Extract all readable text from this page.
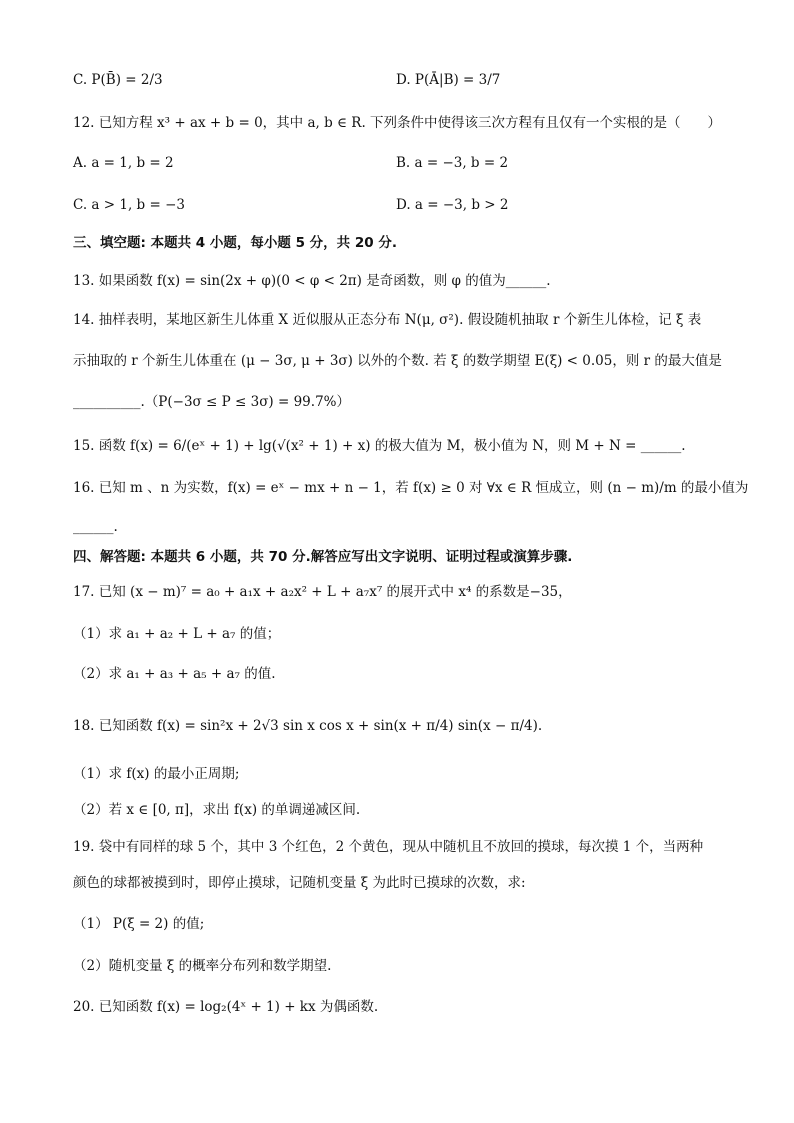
C. P(B̄) = 2/3	D. P(Ā|B) = 3/7
12. 已知方程 x³ + ax + b = 0，其中 a, b ∈ R. 下列条件中使得该三次方程有且仅有一个实根的是（　　）
A. a = 1, b = 2	B. a = −3, b = 2
C. a > 1, b = −3	D. a = −3, b > 2
三、填空题: 本题共 4 小题，每小题 5 分，共 20 分.
13. 如果函数 f(x) = sin(2x + φ)(0 < φ < 2π) 是奇函数，则 φ 的值为______.
14. 抽样表明，某地区新生儿体重 X 近似服从正态分布 N(μ, σ²). 假设随机抽取 r 个新生儿体检，记 ξ 表
示抽取的 r 个新生儿体重在 (μ − 3σ, μ + 3σ) 以外的个数. 若 ξ 的数学期望 E(ξ) < 0.05，则 r 的最大值是
__________.（P(−3σ ≤ P ≤ 3σ) = 99.7%）
15. 函数 f(x) = 6/(eˣ + 1) + lg(√(x² + 1) + x) 的极大值为 M，极小值为 N，则 M + N = ______.
16. 已知 m 、n 为实数，f(x) = eˣ − mx + n − 1，若 f(x) ≥ 0 对 ∀x ∈ R 恒成立，则 (n − m)/m 的最小值为
______.
四、解答题: 本题共 6 小题，共 70 分.解答应写出文字说明、证明过程或演算步骤.
17. 已知 (x − m)⁷ = a₀ + a₁x + a₂x² + L + a₇x⁷ 的展开式中 x⁴ 的系数是−35，
（1）求 a₁ + a₂ + L + a₇ 的值；
（2）求 a₁ + a₃ + a₅ + a₇ 的值.
18. 已知函数 f(x) = sin²x + 2√3 sin x cos x + sin(x + π/4) sin(x − π/4).
（1）求 f(x) 的最小正周期;
（2）若 x ∈ [0, π]，求出 f(x) 的单调递减区间.
19. 袋中有同样的球 5 个，其中 3 个红色，2 个黄色，现从中随机且不放回的摸球，每次摸 1 个，当两种
颜色的球都被摸到时，即停止摸球，记随机变量 ξ 为此时已摸球的次数，求:
（1） P(ξ = 2) 的值;
（2）随机变量 ξ 的概率分布列和数学期望.
20. 已知函数 f(x) = log₂(4ˣ + 1) + kx 为偶函数.
